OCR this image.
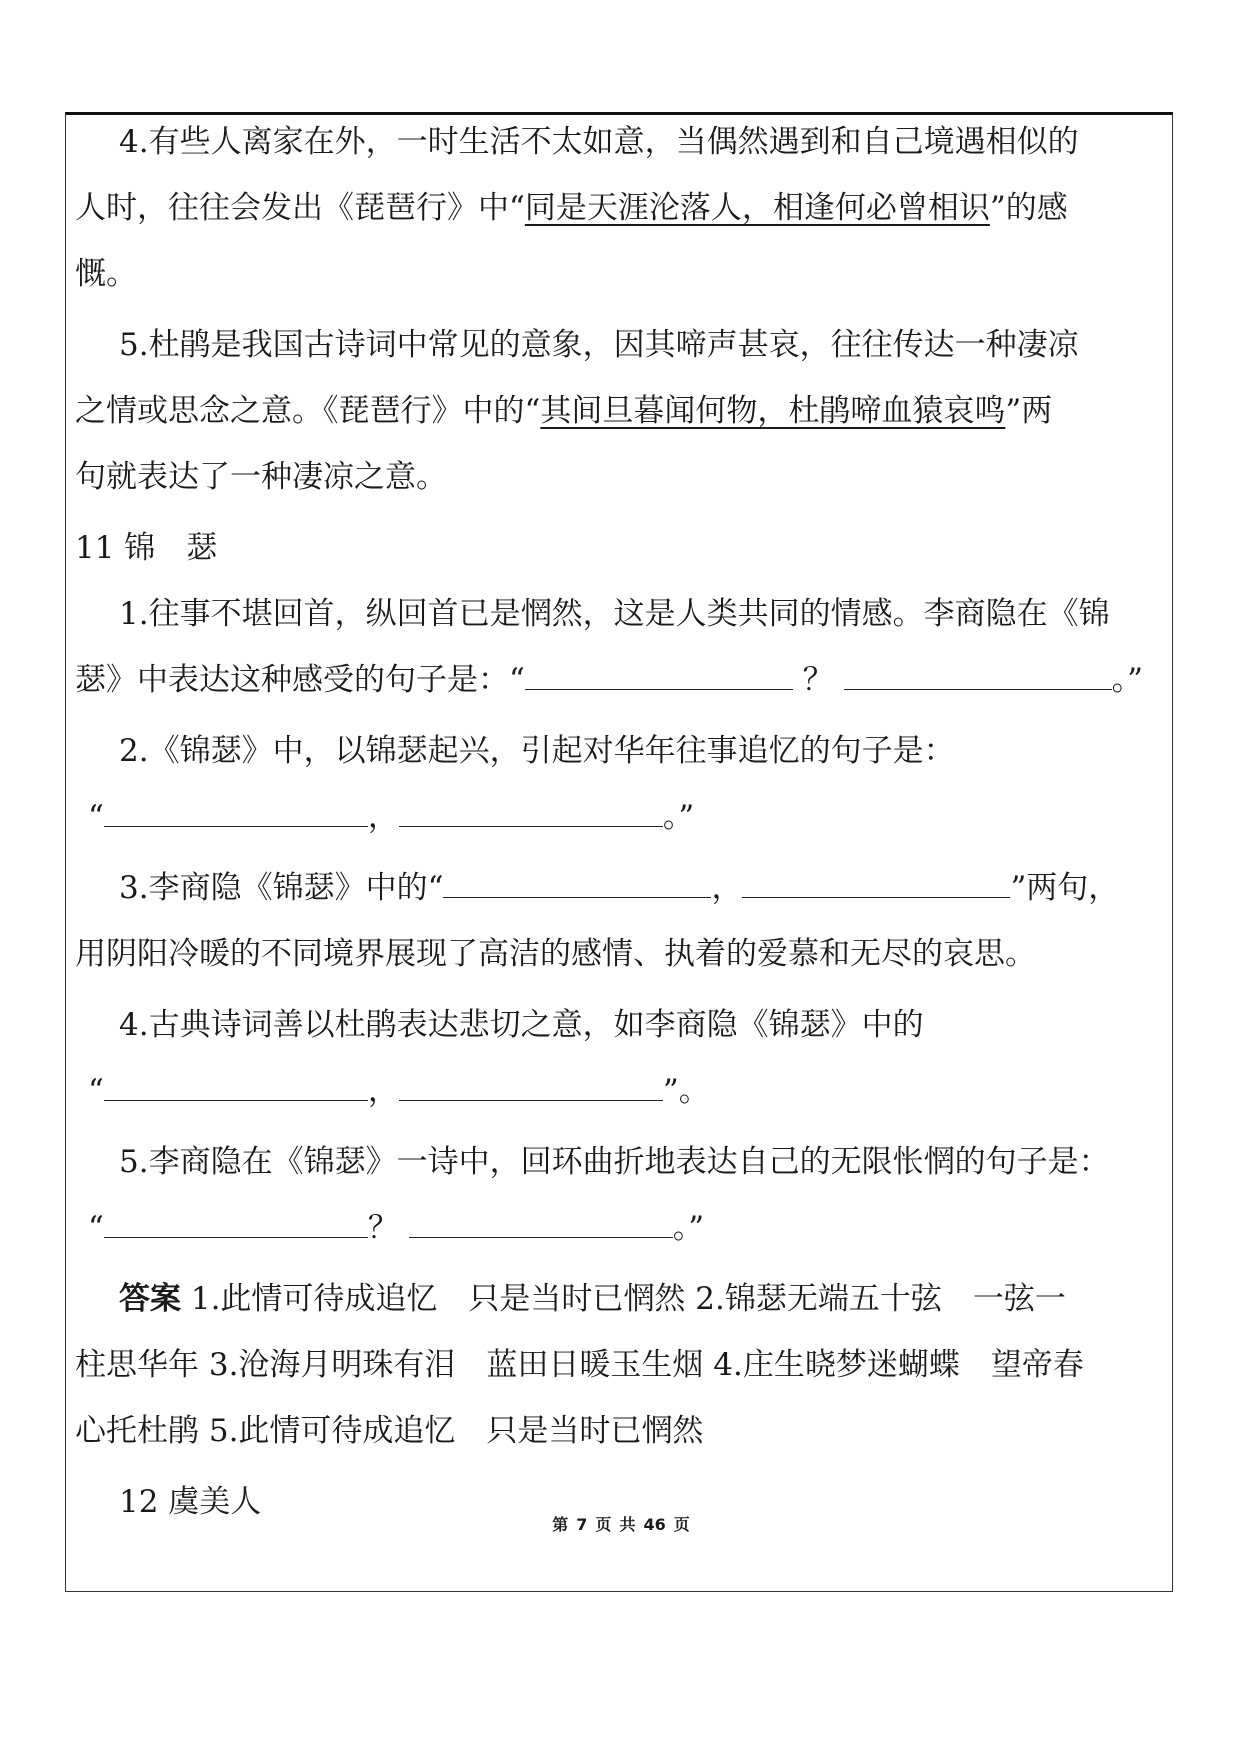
4.有些人离家在外，一时生活不太如意，当偶然遇到和自己境遇相似的

人时，往往会发出《琵琶行》中“同是天涯沦落人，相逢何必曾相识”的感

慨。

5.杜鹃是我国古诗词中常见的意象，因其啼声甚哀，往往传达一种凄凉

之情或思念之意。《琵琶行》中的“其间旦暮闻何物，杜鹃啼血猿哀鸣”两

句就表达了一种凄凉之意。

11 锦　瑟

1.往事不堪回首，纵回首已是惘然，这是人类共同的情感。李商隐在《锦

瑟》中表达这种感受的句子是：“	？	。”

2.《锦瑟》中，以锦瑟起兴，引起对华年往事追忆的句子是：

“	，	。”

3.李商隐《锦瑟》中的“	，	”两句，

用阴阳冷暖的不同境界展现了高洁的感情、执着的爱慕和无尽的哀思。

4.古典诗词善以杜鹃表达悲切之意，如李商隐《锦瑟》中的

“	，	”。

5.李商隐在《锦瑟》一诗中，回环曲折地表达自己的无限怅惘的句子是：

“	？	。”

答案 1.此情可待成追忆　只是当时已惘然 2.锦瑟无端五十弦　一弦一

柱思华年 3.沧海月明珠有泪　蓝田日暖玉生烟 4.庄生晓梦迷蝴蝶　望帝春

心托杜鹃 5.此情可待成追忆　只是当时已惘然

12 虞美人

第 7 页 共 46 页
